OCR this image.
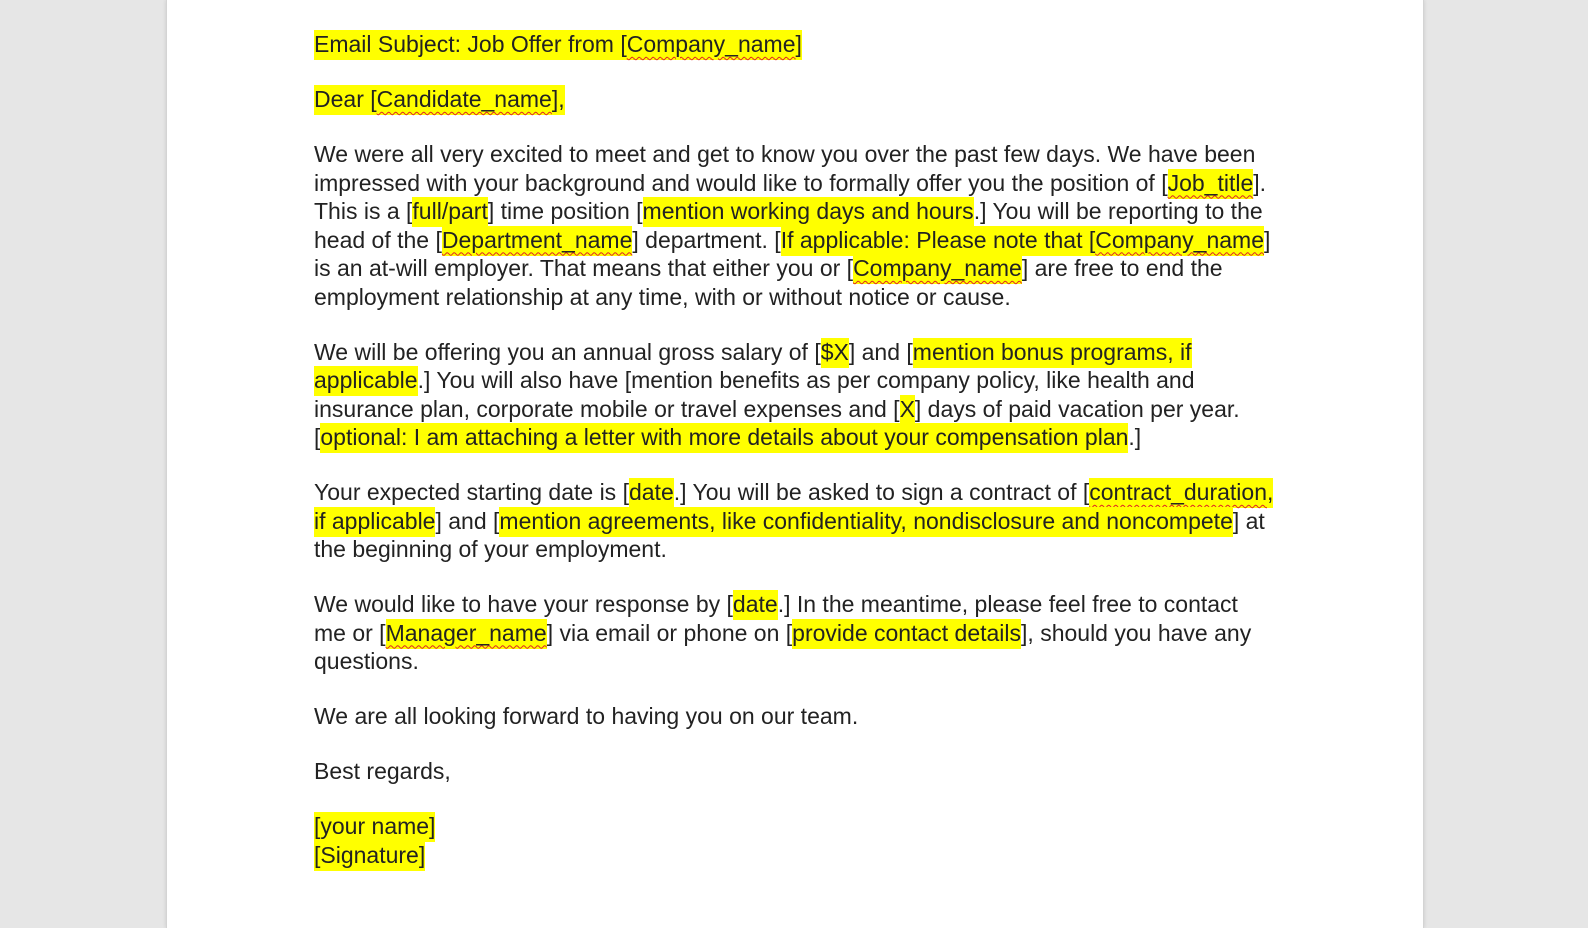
Email Subject: Job Offer from [Company_name]

Dear [Candidate_name],

We were all very excited to meet and get to know you over the past few days. We have been impressed with your background and would like to formally offer you the position of [Job_title]. This is a [full/part] time position [mention working days and hours.] You will be reporting to the head of the [Department_name] department. [If applicable: Please note that [Company_name] is an at-will employer. That means that either you or [Company_name] are free to end the employment relationship at any time, with or without notice or cause.

We will be offering you an annual gross salary of [$X] and [mention bonus programs, if applicable.] You will also have [mention benefits as per company policy, like health and insurance plan, corporate mobile or travel expenses and [X] days of paid vacation per year. [optional: I am attaching a letter with more details about your compensation plan.]

Your expected starting date is [date.] You will be asked to sign a contract of [contract_duration, if applicable] and [mention agreements, like confidentiality, nondisclosure and noncompete] at the beginning of your employment.

We would like to have your response by [date.] In the meantime, please feel free to contact me or [Manager_name] via email or phone on [provide contact details], should you have any questions.

We are all looking forward to having you on our team.

Best regards,

[your name]
[Signature]
